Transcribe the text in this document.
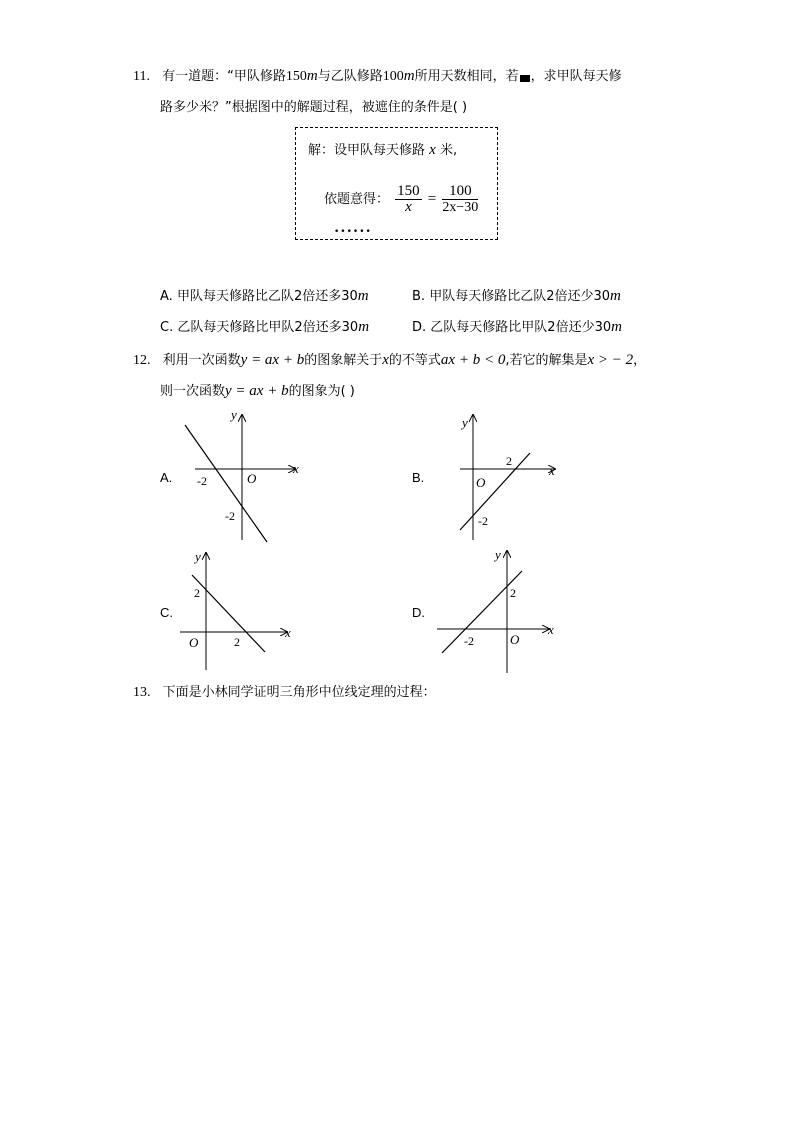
11. 有一道题：“甲队修路150m与乙队修路100m所用天数相同，若 ，求甲队每天修
路多少米？”根据图中的解题过程，被遮住的条件是( )
解：设甲队每天修路 x 米,
依题意得： $\frac{150}{x} = \frac{100}{2x-30}$
••••••
A. 甲队每天修路比乙队2倍还多30m	B. 甲队每天修路比乙队2倍还少30m
C. 乙队每天修路比甲队2倍还多30m	D. 乙队每天修路比甲队2倍还少30m
12. 利用一次函数y = ax + b的图象解关于x的不等式ax + b < 0,若它的解集是x > − 2，
则一次函数y = ax + b的图象为( )
A.
y
x
O
-2
-2
B.
y
x
O
2
-2
C.
y
x
O
2
2
D.
y
x
O
2
-2
13. 下面是小林同学证明三角形中位线定理的过程：
